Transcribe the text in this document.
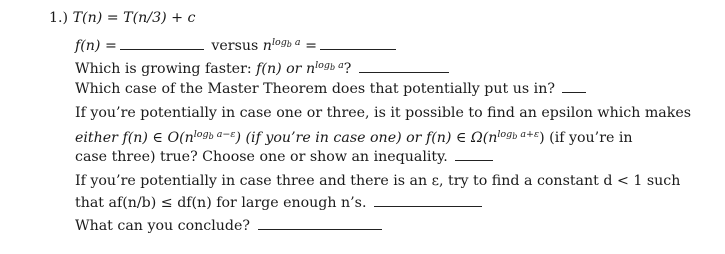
1.) T(n) = T(n/3) + c
f(n) =	versus $n^{log_b a}$ =
Which is growing faster: f(n) or $n^{log_b a}$?
Which case of the Master Theorem does that potentially put us in?
If you’re potentially in case one or three, is it possible to find an epsilon which makes
either f(n) ∈ $O(n^{log_b a-\varepsilon})$ (if you’re in case one) or f(n) ∈ $\Omega(n^{log_b a+\varepsilon})$ (if you’re in
case three) true? Choose one or show an inequality.
If you’re potentially in case three and there is an ε, try to find a constant d < 1 such
that af(n/b) ≤ df(n) for large enough n’s.
What can you conclude?
